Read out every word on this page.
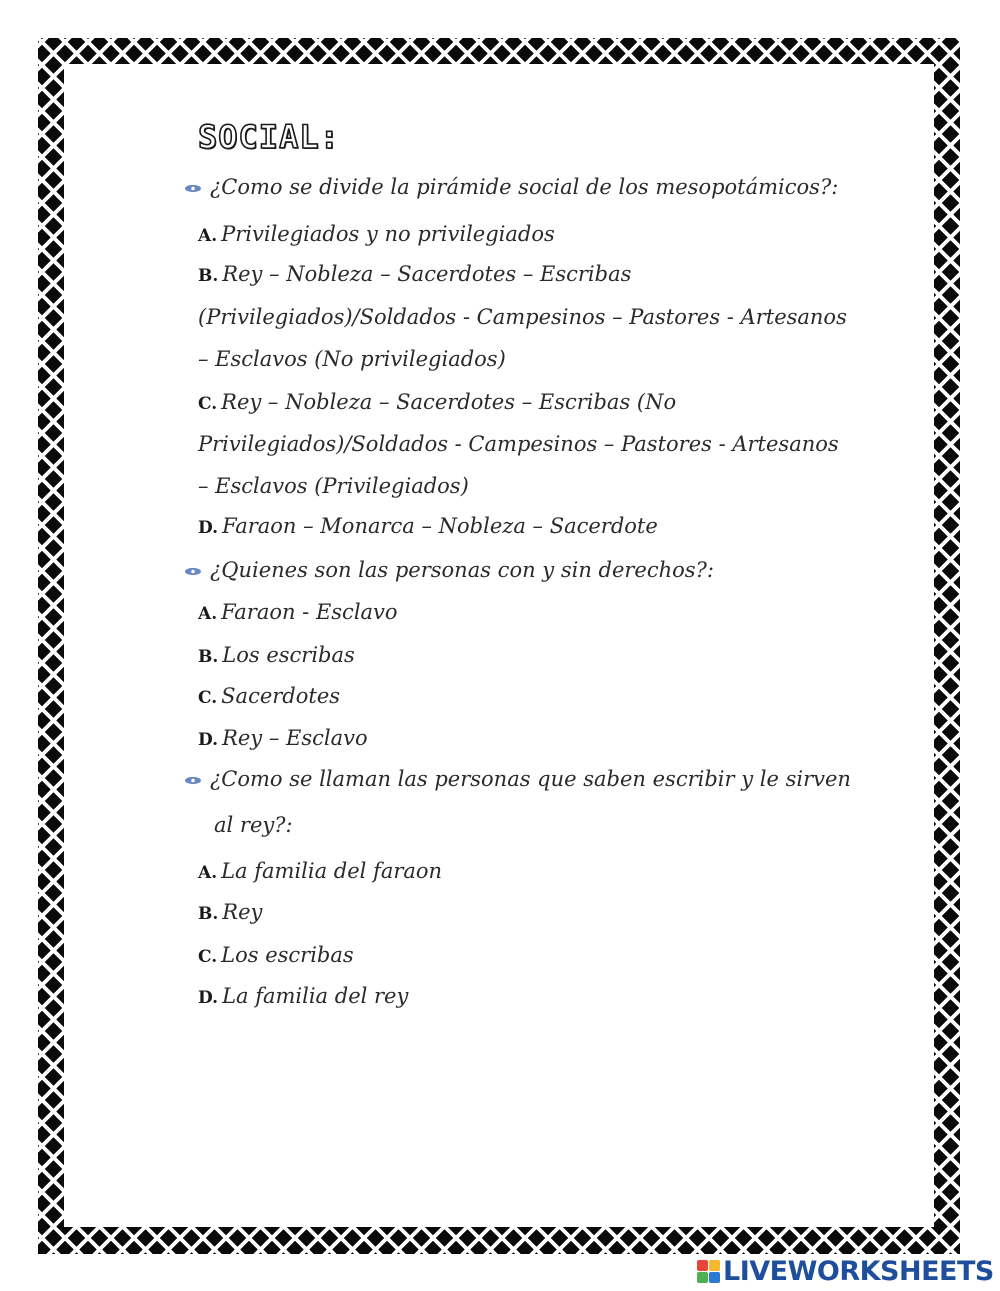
SOCIAL:
¿Como se divide la pirámide social de los mesopotámicos?:
A. Privilegiados y no privilegiados
B. Rey – Nobleza – Sacerdotes – Escribas
(Privilegiados)/Soldados - Campesinos – Pastores - Artesanos
– Esclavos (No privilegiados)
C. Rey – Nobleza – Sacerdotes – Escribas (No
Privilegiados)/Soldados - Campesinos – Pastores - Artesanos
– Esclavos (Privilegiados)
D. Faraon – Monarca – Nobleza – Sacerdote
¿Quienes son las personas con y sin derechos?:
A. Faraon - Esclavo
B. Los escribas
C. Sacerdotes
D. Rey – Esclavo
¿Como se llaman las personas que saben escribir y le sirven
al rey?:
A. La familia del faraon
B. Rey
C. Los escribas
D. La familia del rey
LIVEWORKSHEETS
